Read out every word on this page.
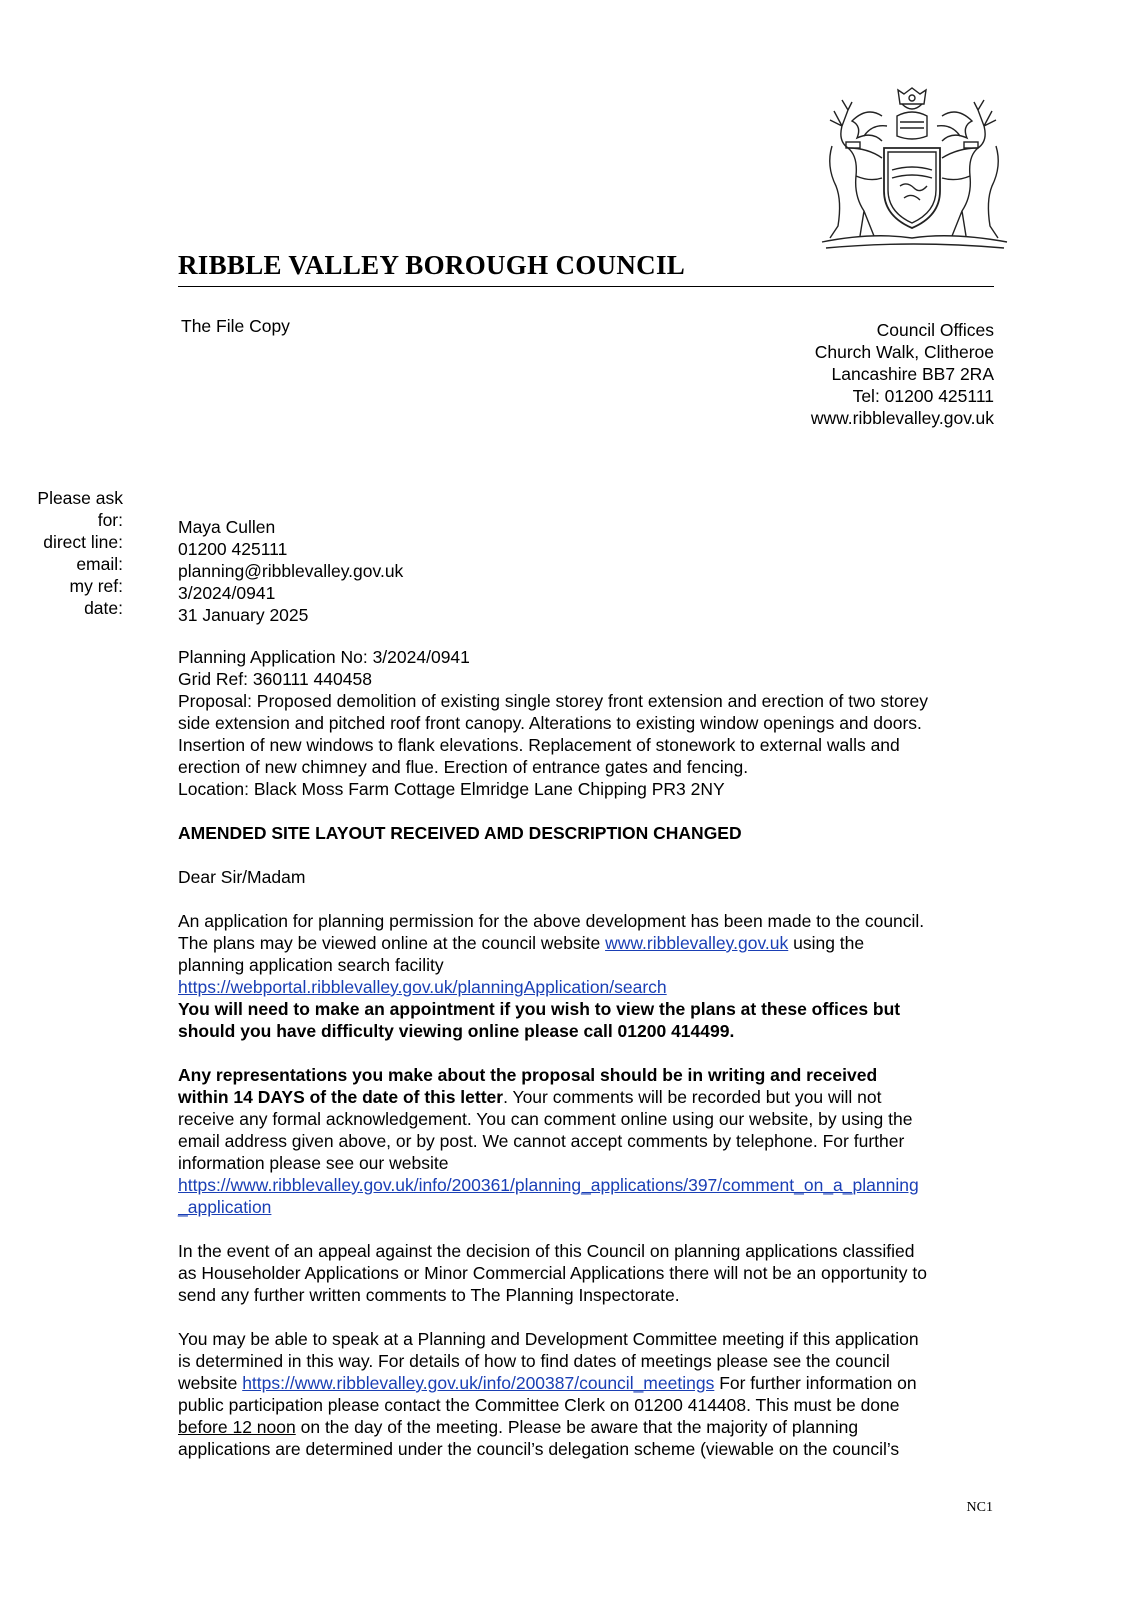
RIBBLE VALLEY BOROUGH COUNCIL
The File Copy	Council Offices
Church Walk, Clitheroe
Lancashire BB7 2RA
Tel: 01200 425111
www.ribblevalley.gov.uk
Please ask for:
direct line:
email:
my ref:
date:
Maya Cullen
01200 425111
planning@ribblevalley.gov.uk
3/2024/0941
31 January 2025

Planning Application No: 3/2024/0941
Grid Ref: 360111 440458
Proposal: Proposed demolition of existing single storey front extension and erection of two storey
side extension and pitched roof front canopy. Alterations to existing window openings and doors.
Insertion of new windows to flank elevations. Replacement of stonework to external walls and
erection of new chimney and flue. Erection of entrance gates and fencing.
Location: Black Moss Farm Cottage Elmridge Lane Chipping PR3 2NY

AMENDED SITE LAYOUT RECEIVED AMD DESCRIPTION CHANGED

Dear Sir/Madam

An application for planning permission for the above development has been made to the council.
The plans may be viewed online at the council website www.ribblevalley.gov.uk using the
planning application search facility
https://webportal.ribblevalley.gov.uk/planningApplication/search
You will need to make an appointment if you wish to view the plans at these offices but
should you have difficulty viewing online please call 01200 414499.

Any representations you make about the proposal should be in writing and received
within 14 DAYS of the date of this letter. Your comments will be recorded but you will not
receive any formal acknowledgement. You can comment online using our website, by using the
email address given above, or by post. We cannot accept comments by telephone. For further
information please see our website
https://www.ribblevalley.gov.uk/info/200361/planning_applications/397/comment_on_a_planning
_application

In the event of an appeal against the decision of this Council on planning applications classified
as Householder Applications or Minor Commercial Applications there will not be an opportunity to
send any further written comments to The Planning Inspectorate.

You may be able to speak at a Planning and Development Committee meeting if this application
is determined in this way. For details of how to find dates of meetings please see the council
website https://www.ribblevalley.gov.uk/info/200387/council_meetings For further information on
public participation please contact the Committee Clerk on 01200 414408. This must be done
before 12 noon on the day of the meeting. Please be aware that the majority of planning
applications are determined under the council’s delegation scheme (viewable on the council’s

NC1
